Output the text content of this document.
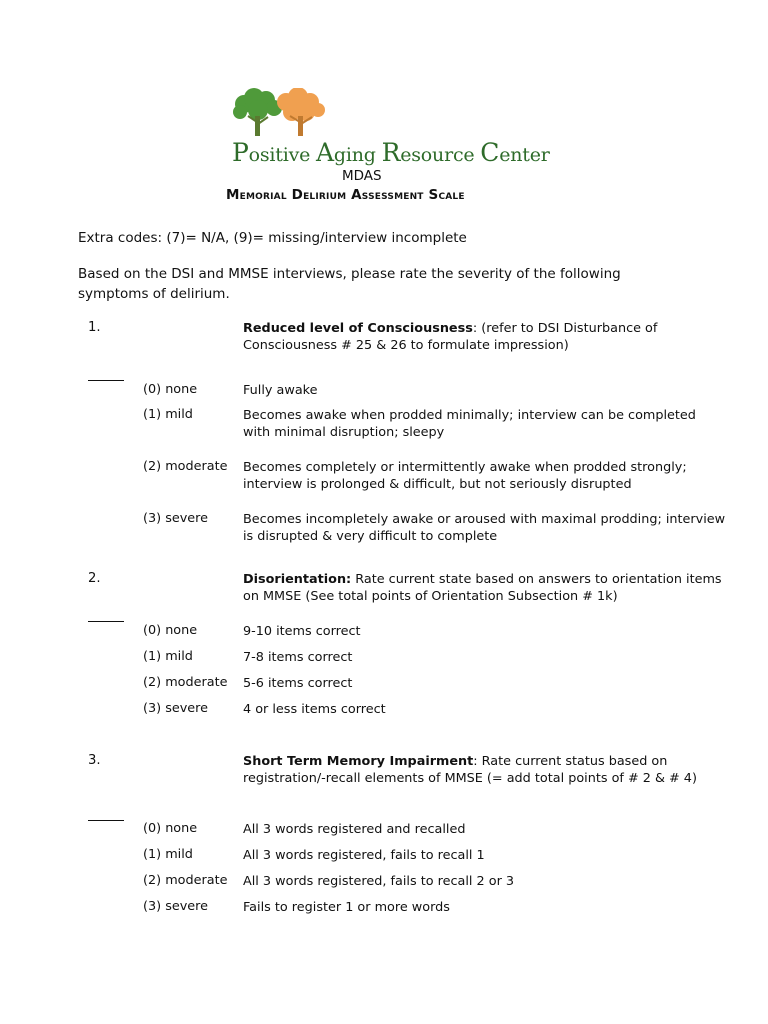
Positive Aging Resource Center
MDAS
Memorial Delirium Assessment Scale
Extra codes: (7)= N/A, (9)= missing/interview incomplete
Based on the DSI and MMSE interviews, please rate the severity of the following symptoms of delirium.
1.	Reduced level of Consciousness: (refer to DSI Disturbance of Consciousness # 25 & 26 to formulate impression)
(0) none	Fully awake
(1) mild	Becomes awake when prodded minimally; interview can be completed with minimal disruption; sleepy
(2) moderate Becomes completely or intermittently awake when prodded strongly; interview is prolonged & difficult, but not seriously disrupted
(3) severe	Becomes incompletely awake or aroused with maximal prodding; interview is disrupted & very difficult to complete
2.	Disorientation: Rate current state based on answers to orientation items on MMSE (See total points of Orientation Subsection # 1k)
(0) none	9-10 items correct
(1) mild	7-8 items correct
(2) moderate 5-6 items correct
(3) severe	4 or less items correct
3.	Short Term Memory Impairment: Rate current status based on registration/-recall elements of MMSE (= add total points of # 2 & # 4)
(0) none	All 3 words registered and recalled
(1) mild	All 3 words registered, fails to recall 1
(2) moderate All 3 words registered, fails to recall 2 or 3
(3) severe	Fails to register 1 or more words
